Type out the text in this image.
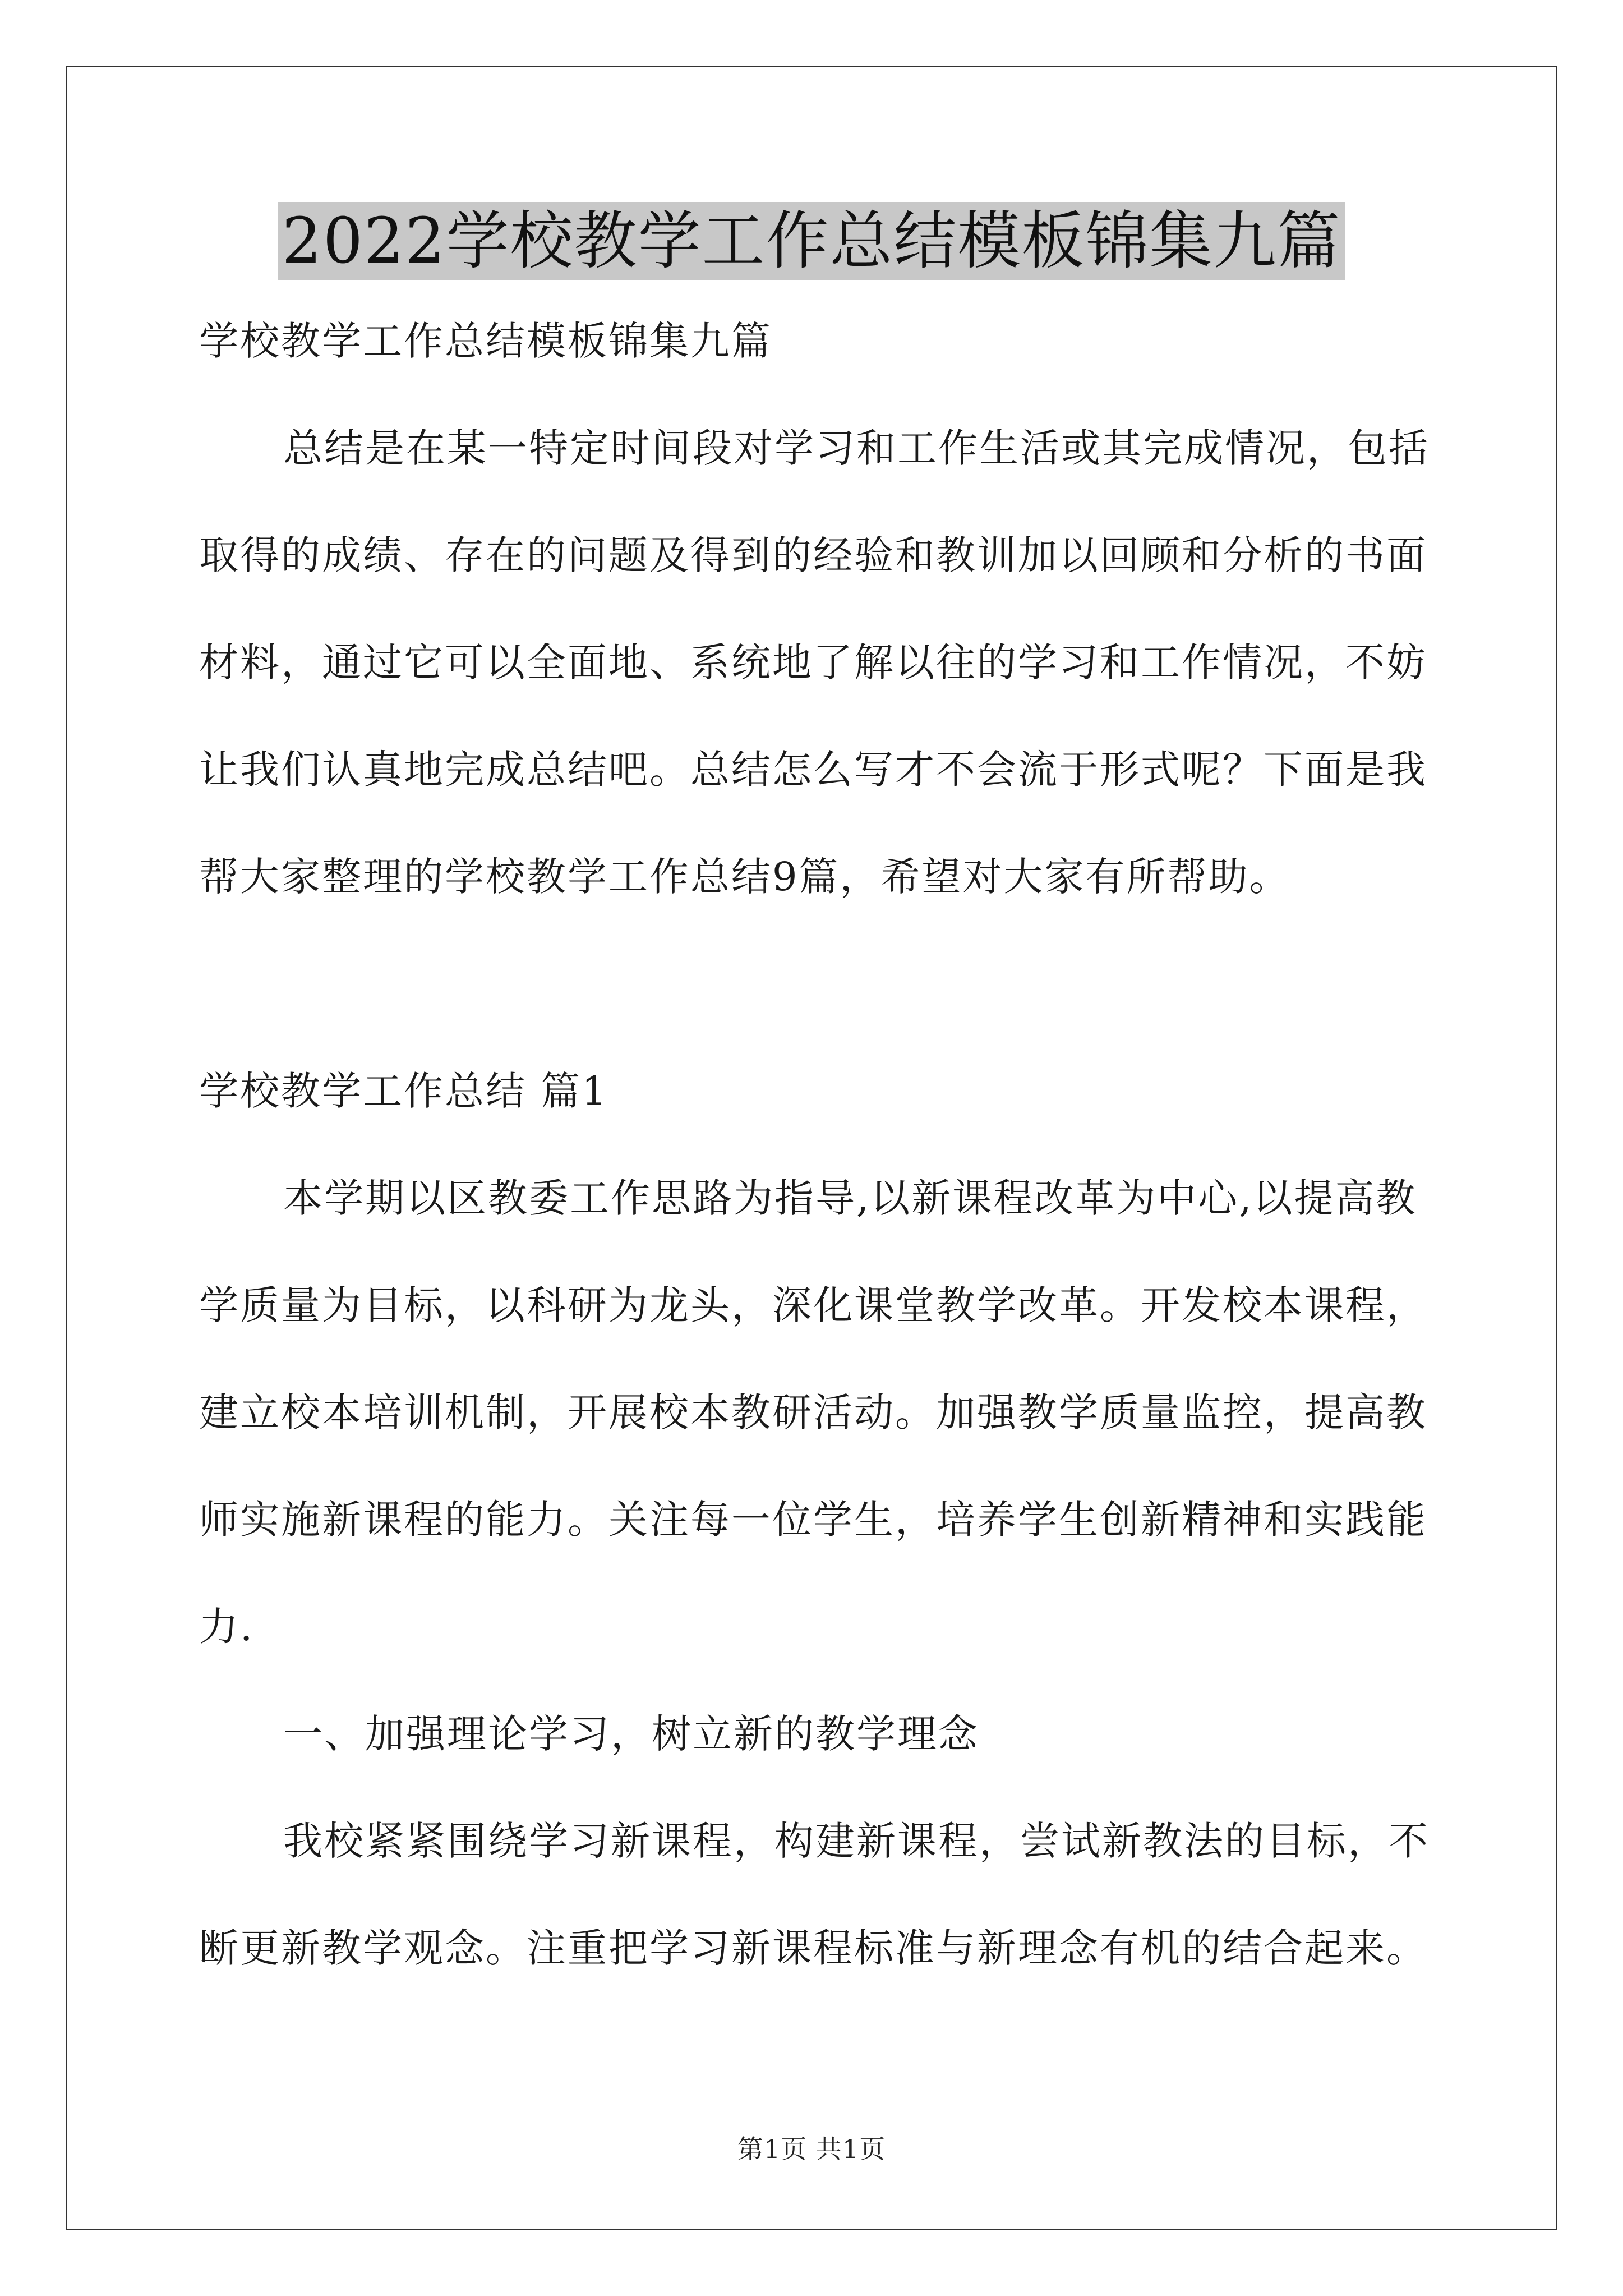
2022学校教学工作总结模板锦集九篇
学校教学工作总结模板锦集九篇
总结是在某一特定时间段对学习和工作生活或其完成情况，包括
取得的成绩、存在的问题及得到的经验和教训加以回顾和分析的书面
材料，通过它可以全面地、系统地了解以往的学习和工作情况，不妨
让我们认真地完成总结吧。总结怎么写才不会流于形式呢？下面是我
帮大家整理的学校教学工作总结9篇，希望对大家有所帮助。
学校教学工作总结 篇1
本学期以区教委工作思路为指导,以新课程改革为中心,以提高教
学质量为目标，以科研为龙头，深化课堂教学改革。开发校本课程，
建立校本培训机制，开展校本教研活动。加强教学质量监控，提高教
师实施新课程的能力。关注每一位学生，培养学生创新精神和实践能
力.
一、加强理论学习，树立新的教学理念
我校紧紧围绕学习新课程，构建新课程，尝试新教法的目标，不
断更新教学观念。注重把学习新课程标准与新理念有机的结合起来。
第1页 共1页
